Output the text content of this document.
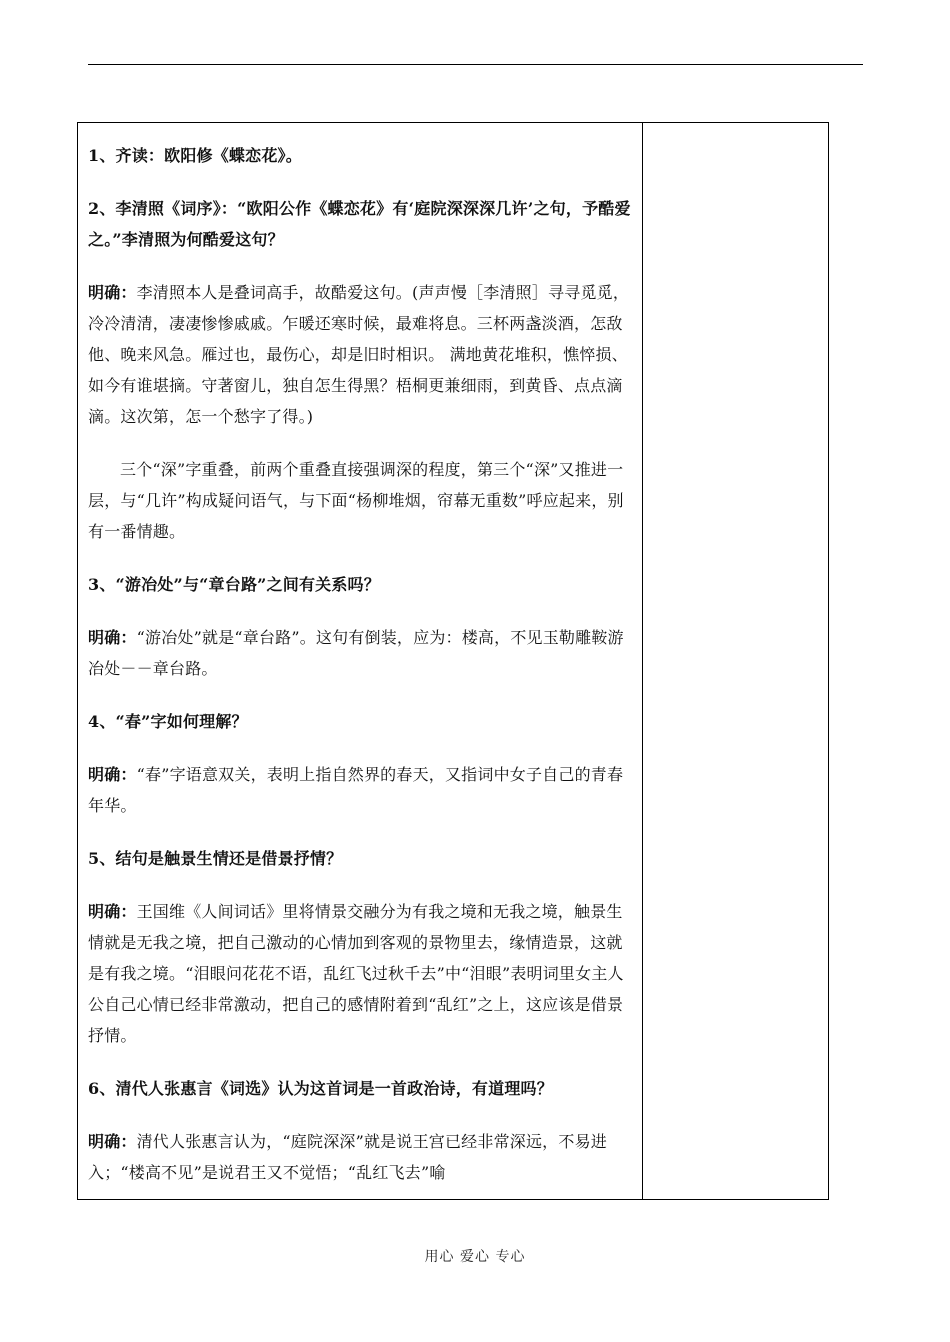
1、齐读：欧阳修《蝶恋花》。

2、李清照《词序》：“欧阳公作《蝶恋花》有‘庭院深深深几许’之句，予酷爱之。”李清照为何酷爱这句？

明确：李清照本人是叠词高手，故酷爱这句。(声声慢［李清照］寻寻觅觅，冷冷清清，凄凄惨惨戚戚。乍暖还寒时候，最难将息。三杯两盏淡酒，怎敌他、晚来风急。雁过也，最伤心，却是旧时相识。 满地黄花堆积，憔悴损、如今有谁堪摘。守著窗儿，独自怎生得黑？梧桐更兼细雨，到黄昏、点点滴滴。这次第，怎一个愁字了得。)

三个“深”字重叠，前两个重叠直接强调深的程度，第三个“深”又推进一层，与“几许”构成疑问语气，与下面“杨柳堆烟，帘幕无重数”呼应起来，别有一番情趣。

3、“游冶处”与“章台路”之间有关系吗？

明确：“游冶处”就是“章台路”。这句有倒装，应为：楼高，不见玉勒雕鞍游冶处－－章台路。

4、“春”字如何理解？

明确：“春”字语意双关，表明上指自然界的春天，又指词中女子自己的青春年华。

5、结句是触景生情还是借景抒情？

明确：王国维《人间词话》里将情景交融分为有我之境和无我之境，触景生情就是无我之境，把自己激动的心情加到客观的景物里去，缘情造景，这就是有我之境。“泪眼问花花不语，乱红飞过秋千去”中“泪眼”表明词里女主人公自己心情已经非常激动，把自己的感情附着到“乱红”之上，这应该是借景抒情。

6、清代人张惠言《词选》认为这首词是一首政治诗，有道理吗？

明确：清代人张惠言认为，“庭院深深”就是说王宫已经非常深远，不易进入；“楼高不见”是说君王又不觉悟；“乱红飞去”喻

用心 爱心 专心
